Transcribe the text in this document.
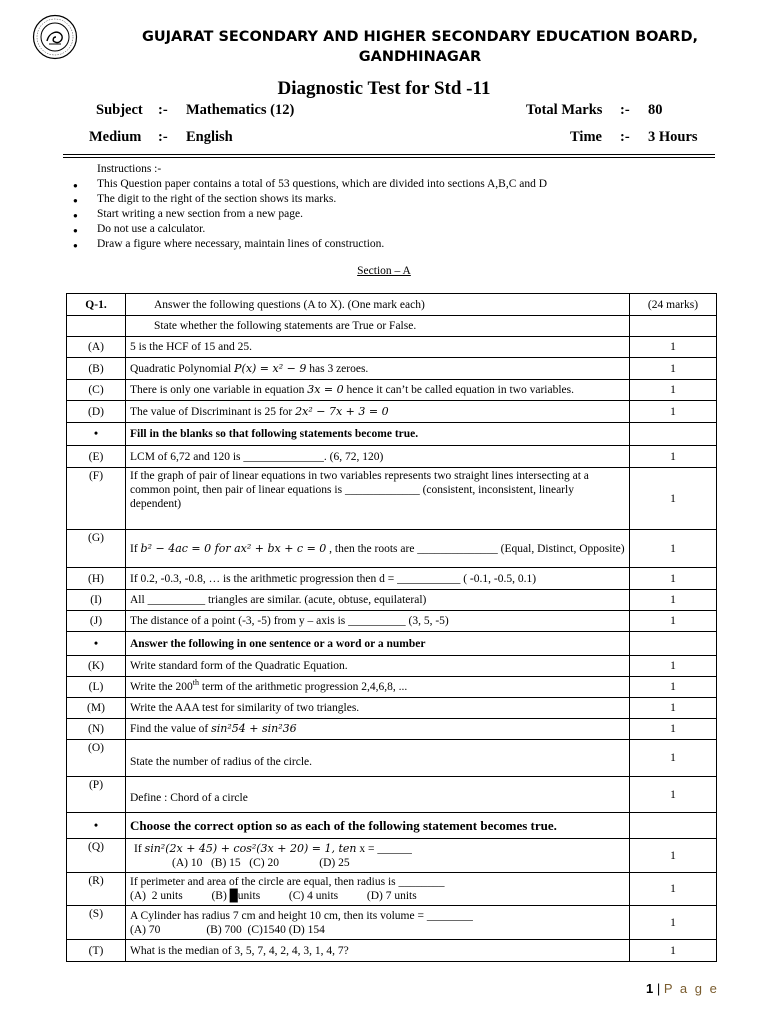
GUJARAT SECONDARY AND HIGHER SECONDARY EDUCATION BOARD,
GANDHINAGAR
Diagnostic Test for Std -11
Subject :- Mathematics (12)	Total Marks :- 80
Medium :- English	Time :- 3 Hours
Instructions :-
● This Question paper contains a total of 53 questions, which are divided into sections A,B,C and D
● The digit to the right of the section shows its marks.
● Start writing a new section from a new page.
● Do not use a calculator.
● Draw a figure where necessary, maintain lines of construction.
Section – A
Q-1.	Answer the following questions (A to X). (One mark each)	(24 marks)
	State whether the following statements are True or False.	
(A)	5 is the HCF of 15 and 25.	1
(B)	Quadratic Polynomial P(x) = x² − 9 has 3 zeroes.	1
(C)	There is only one variable in equation 3x = 0 hence it can’t be called equation in two variables.	1
(D)	The value of Discriminant is 25 for 2x² − 7x + 3 = 0	1
•	Fill in the blanks so that following statements become true.	
(E)	LCM of 6,72 and 120 is ______________. (6, 72, 120)	1
(F)	If the graph of pair of linear equations in two variables represents two straight lines intersecting at a common point, then pair of linear equations is _____________ (consistent, inconsistent, linearly dependent)	1
(G)	If b² − 4ac = 0 for ax² + bx + c = 0 , then the roots are ______________ (Equal, Distinct, Opposite)	1
(H)	If 0.2, -0.3, -0.8, … is the arithmetic progression then d = ___________ ( -0.1, -0.5, 0.1)	1
(I)	All __________ triangles are similar. (acute, obtuse, equilateral)	1
(J)	The distance of a point (-3, -5) from y – axis is __________ (3, 5, -5)	1
•	Answer the following in one sentence or a word or a number	
(K)	Write standard form of the Quadratic Equation.	1
(L)	Write the 200th term of the arithmetic progression 2,4,6,8, ...	1
(M)	Write the AAA test for similarity of two triangles.	1
(N)	Find the value of sin²54 + sin²36	1
(O)	State the number of radius of the circle.	1
(P)	Define : Chord of a circle	1
•	Choose the correct option so as each of the following statement becomes true.	
(Q)	If sin²(2x + 45) + cos²(3x + 20) = 1, ten x = ______
(A) 10   (B) 15   (C) 20              (D) 25	1
(R)	If perimeter and area of the circle are equal, then radius is ________
(A)  2 units          (B) █units          (C) 4 units          (D) 7 units	1
(S)	A Cylinder has radius 7 cm and height 10 cm, then its volume = ________
(A) 70                (B) 700  (C)1540 (D) 154	1
(T)	What is the median of 3, 5, 7, 4, 2, 4, 3, 1, 4, 7?	1
1 | P a g e
